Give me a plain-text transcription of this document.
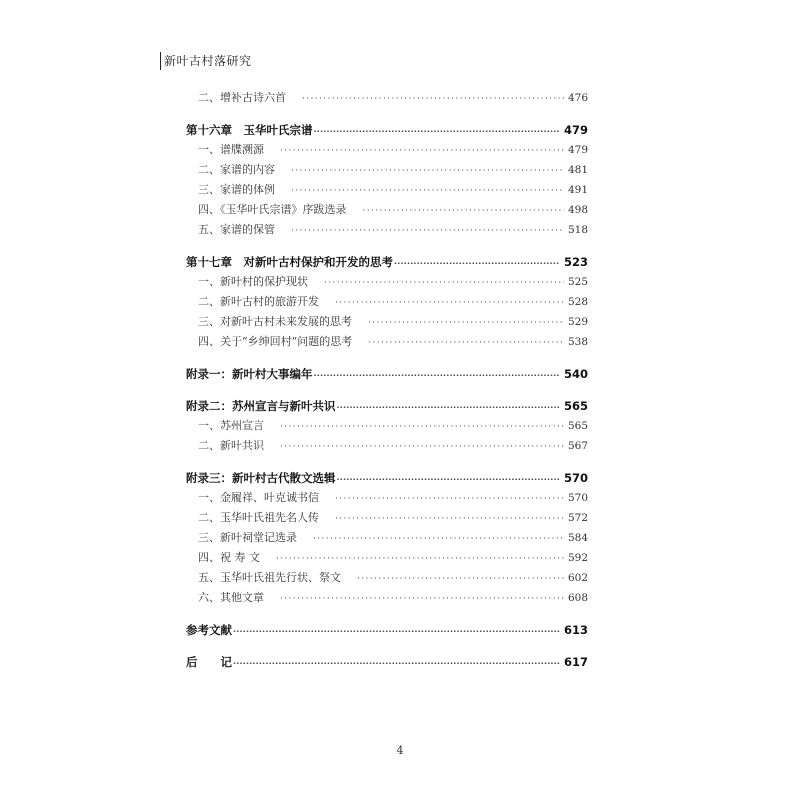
新叶古村落研究
二、增补古诗六首 ·····	476
第十六章　玉华叶氏宗谱 ·····	479
一、谱牒溯源 ·····	479
二、家谱的内容 ·····	481
三、家谱的体例 ·····	491
四、《玉华叶氏宗谱》序跋选录 ·····	498
五、家谱的保管 ·····	518
第十七章　对新叶古村保护和开发的思考 ·····	523
一、新叶村的保护现状 ·····	525
二、新叶古村的旅游开发 ·····	528
三、对新叶古村未来发展的思考 ·····	529
四、关于“乡绅回村”问题的思考 ·····	538
附录一：新叶村大事编年 ·····	540
附录二：苏州宣言与新叶共识 ·····	565
一、苏州宣言 ·····	565
二、新叶共识 ·····	567
附录三：新叶村古代散文选辑 ·····	570
一、金履祥、叶克诚书信 ·····	570
二、玉华叶氏祖先名人传 ·····	572
三、新叶祠堂记选录 ·····	584
四、祝 寿 文 ·····	592
五、玉华叶氏祖先行状、祭文 ·····	602
六、其他文章 ·····	608
参考文献 ·····	613
后　　记 ·····	617
4
